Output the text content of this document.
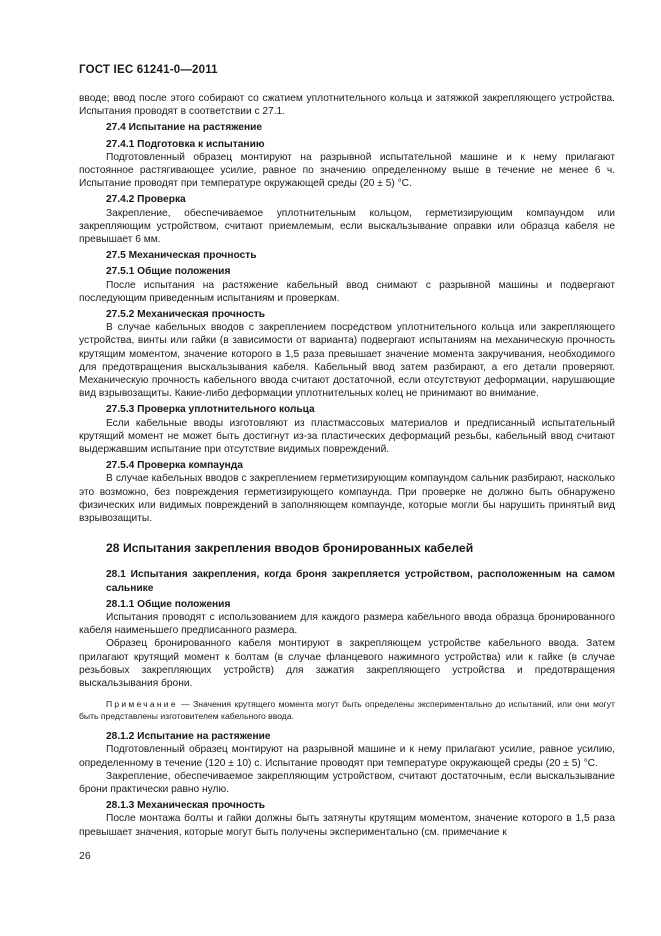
ГОСТ IEC 61241-0—2011

вводе; ввод после этого собирают со сжатием уплотнительного кольца и затяжкой закрепляющего устройства. Испытания проводят в соответствии с 27.1.

27.4 Испытание на растяжение

27.4.1 Подготовка к испытанию

Подготовленный образец монтируют на разрывной испытательной машине и к нему прилагают постоянное растягивающее усилие, равное по значению определенному выше в течение не менее 6 ч. Испытание проводят при температуре окружающей среды (20 ± 5) °С.

27.4.2 Проверка

Закрепление, обеспечиваемое уплотнительным кольцом, герметизирующим компаундом или закрепляющим устройством, считают приемлемым, если выскальзывание оправки или образца кабеля не превышает 6 мм.

27.5 Механическая прочность

27.5.1 Общие положения

После испытания на растяжение кабельный ввод снимают с разрывной машины и подвергают последующим приведенным испытаниям и проверкам.

27.5.2 Механическая прочность

В случае кабельных вводов с закреплением посредством уплотнительного кольца или закрепляющего устройства, винты или гайки (в зависимости от варианта) подвергают испытаниям на механическую прочность крутящим моментом, значение которого в 1,5 раза превышает значение момента закручивания, необходимого для предотвращения выскальзывания кабеля. Кабельный ввод затем разбирают, а его детали проверяют. Механическую прочность кабельного ввода считают достаточной, если отсутствуют деформации, нарушающие вид взрывозащиты. Какие-либо деформации уплотнительных колец не принимают во внимание.

27.5.3 Проверка уплотнительного кольца

Если кабельные вводы изготовляют из пластмассовых материалов и предписанный испытательный крутящий момент не может быть достигнут из-за пластических деформаций резьбы, кабельный ввод считают выдержавшим испытание при отсутствие видимых повреждений.

27.5.4 Проверка компаунда

В случае кабельных вводов с закреплением герметизирующим компаундом сальник разбирают, насколько это возможно, без повреждения герметизирующего компаунда. При проверке не должно быть обнаружено физических или видимых повреждений в заполняющем компаунде, которые могли бы нарушить принятый вид взрывозащиты.

28 Испытания закрепления вводов бронированных кабелей

28.1 Испытания закрепления, когда броня закрепляется устройством, расположенным на самом сальнике

28.1.1 Общие положения

Испытания проводят с использованием для каждого размера кабельного ввода образца бронированного кабеля наименьшего предписанного размера.

Образец бронированного кабеля монтируют в закрепляющем устройстве кабельного ввода. Затем прилагают крутящий момент к болтам (в случае фланцевого нажимного устройства) или к гайке (в случае резьбовых закрепляющих устройств) для зажатия закрепляющего устройства и предотвращения выскальзывания брони.

Примечание — Значения крутящего момента могут быть определены экспериментально до испытаний, или они могут быть представлены изготовителем кабельного ввода.

28.1.2 Испытание на растяжение

Подготовленный образец монтируют на разрывной машине и к нему прилагают усилие, равное усилию, определенному в течение (120 ± 10) с. Испытание проводят при температуре окружающей среды (20 ± 5) °С.

Закрепление, обеспечиваемое закрепляющим устройством, считают достаточным, если выскальзывание брони практически равно нулю.

28.1.3 Механическая прочность

После монтажа болты и гайки должны быть затянуты крутящим моментом, значение которого в 1,5 раза превышает значения, которые могут быть получены экспериментально (см. примечание к

26
